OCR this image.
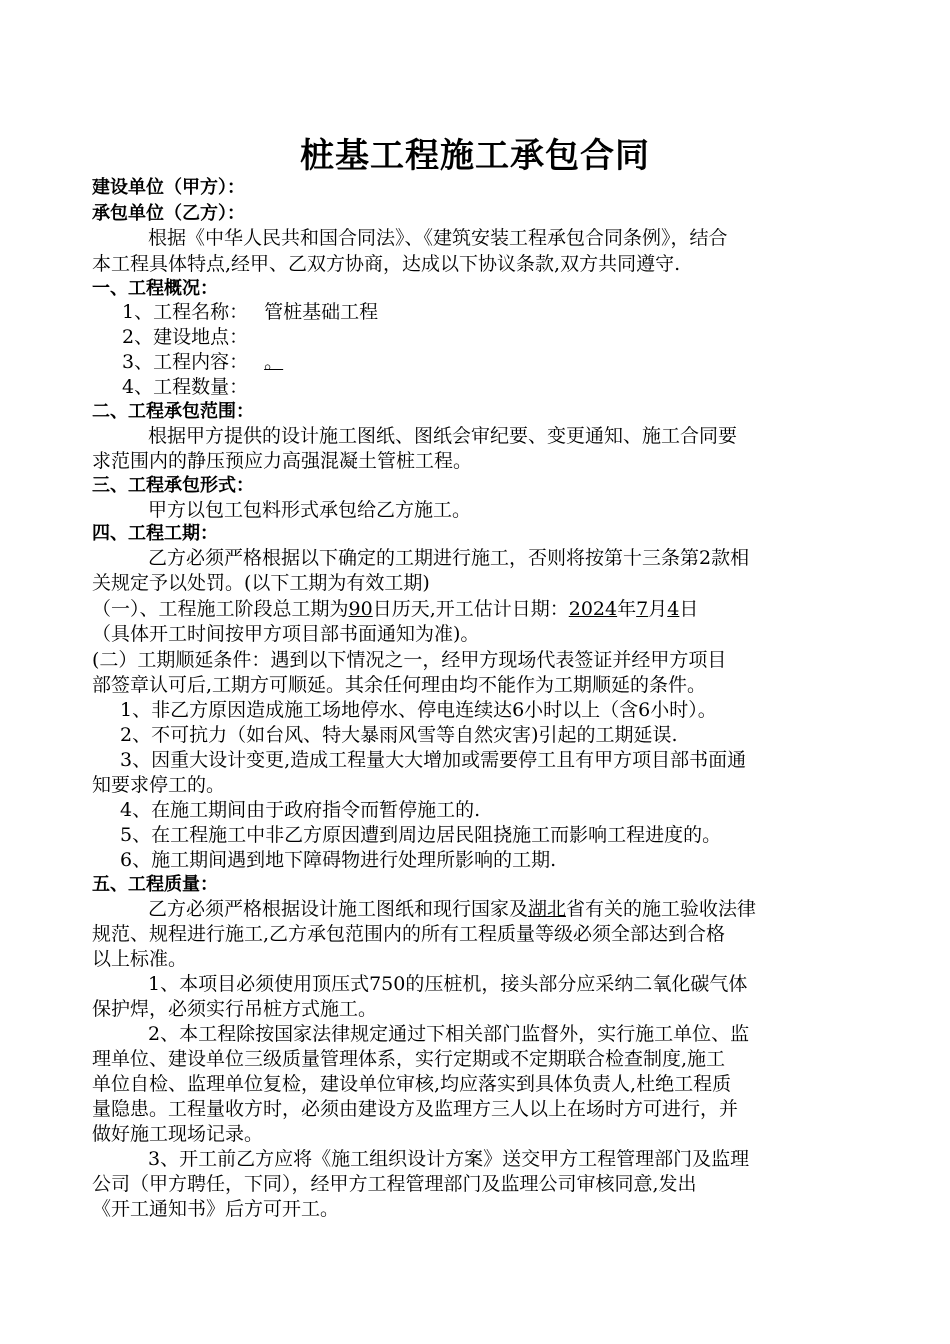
桩基工程施工承包合同
建设单位（甲方）：
承包单位（乙方）：
根据《中华人民共和国合同法》、《建筑安装工程承包合同条例》，结合
本工程具体特点,经甲、乙双方协商，达成以下协议条款,双方共同遵守.
一、工程概况：
1、工程名称： 管桩基础工程
2、建设地点：
3、工程内容： 。
4、工程数量：
二、工程承包范围：
根据甲方提供的设计施工图纸、图纸会审纪要、变更通知、施工合同要
求范围内的静压预应力高强混凝土管桩工程。
三、工程承包形式：
甲方以包工包料形式承包给乙方施工。
四、工程工期：
乙方必须严格根据以下确定的工期进行施工，否则将按第十三条第2款相
关规定予以处罚。(以下工期为有效工期)
（一）、工程施工阶段总工期为90日历天,开工估计日期：2024年7月4日
（具体开工时间按甲方项目部书面通知为准)。
(二）工期顺延条件：遇到以下情况之一，经甲方现场代表签证并经甲方项目
部签章认可后,工期方可顺延。其余任何理由均不能作为工期顺延的条件。
1、非乙方原因造成施工场地停水、停电连续达6小时以上（含6小时）。
2、不可抗力（如台风、特大暴雨风雪等自然灾害)引起的工期延误.
3、因重大设计变更,造成工程量大大增加或需要停工且有甲方项目部书面通
知要求停工的。
4、在施工期间由于政府指令而暂停施工的.
5、在工程施工中非乙方原因遭到周边居民阻挠施工而影响工程进度的。
6、施工期间遇到地下障碍物进行处理所影响的工期.
五、工程质量：
乙方必须严格根据设计施工图纸和现行国家及湖北省有关的施工验收法律
规范、规程进行施工,乙方承包范围内的所有工程质量等级必须全部达到合格
以上标准。
1、本项目必须使用顶压式750的压桩机，接头部分应采纳二氧化碳气体
保护焊，必须实行吊桩方式施工。
2、本工程除按国家法律规定通过下相关部门监督外，实行施工单位、监
理单位、建设单位三级质量管理体系，实行定期或不定期联合检查制度,施工
单位自检、监理单位复检，建设单位审核,均应落实到具体负责人,杜绝工程质
量隐患。工程量收方时，必须由建设方及监理方三人以上在场时方可进行，并
做好施工现场记录。
3、开工前乙方应将《施工组织设计方案》送交甲方工程管理部门及监理
公司（甲方聘任，下同），经甲方工程管理部门及监理公司审核同意,发出
《开工通知书》后方可开工。
